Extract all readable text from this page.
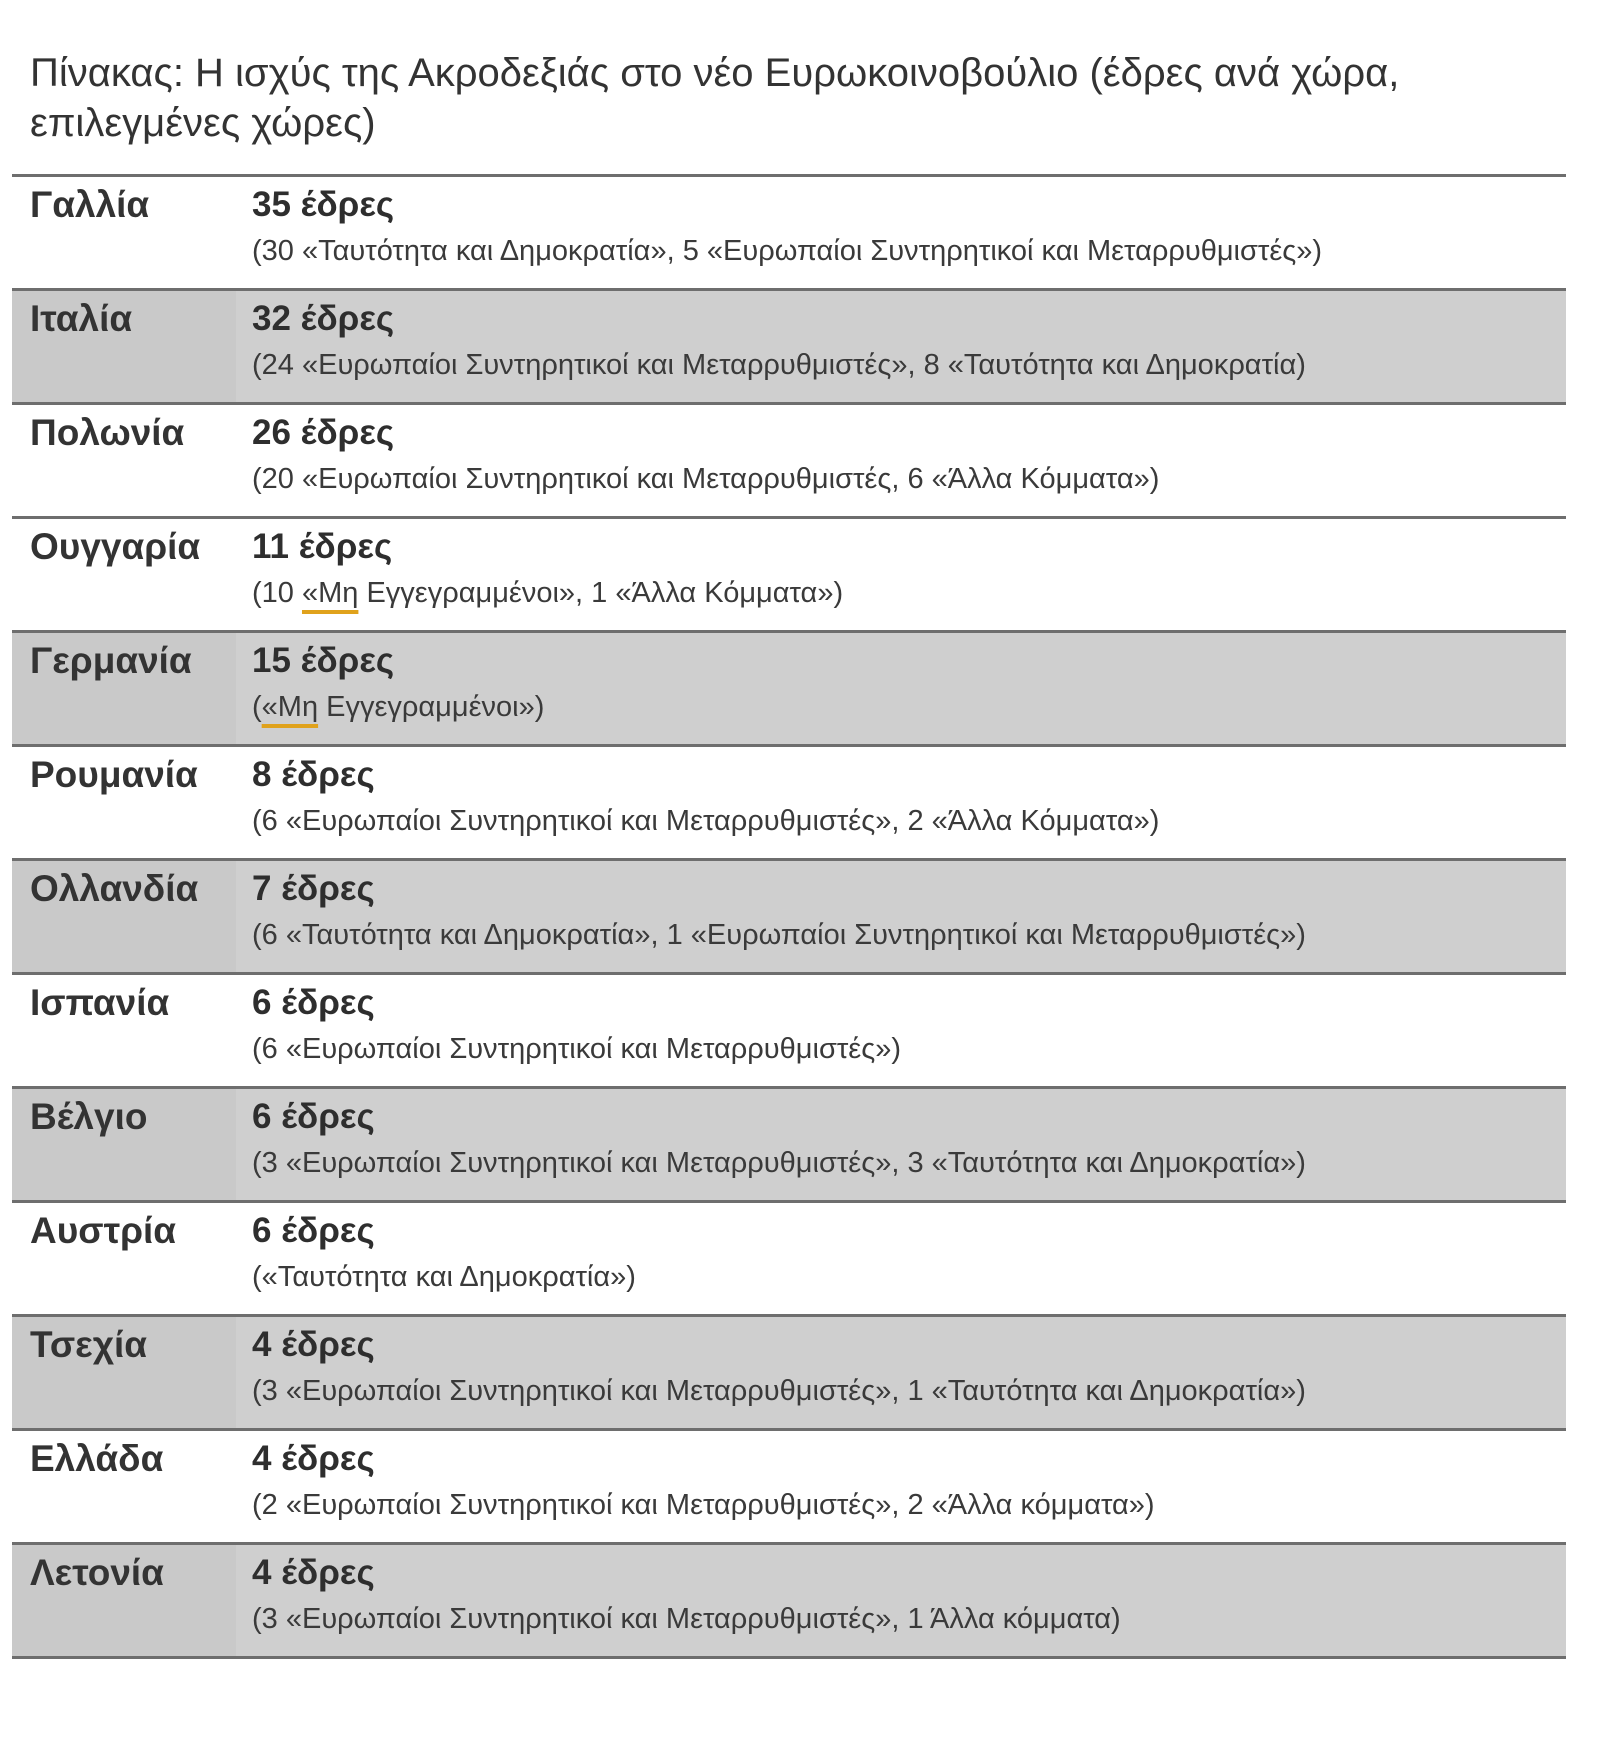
Πίνακας: Η ισχύς της Ακροδεξιάς στο νέο Ευρωκοινοβούλιο (έδρες ανά χώρα, επιλεγμένες χώρες)
Γαλλία	35 έδρες
(30 «Ταυτότητα και Δημοκρατία», 5 «Ευρωπαίοι Συντηρητικοί και Μεταρρυθμιστές»)
Ιταλία	32 έδρες
(24 «Ευρωπαίοι Συντηρητικοί και Μεταρρυθμιστές», 8 «Ταυτότητα και Δημοκρατία)
Πολωνία	26 έδρες
(20 «Ευρωπαίοι Συντηρητικοί και Μεταρρυθμιστές, 6 «Άλλα Κόμματα»)
Ουγγαρία	11 έδρες
(10 «Μη Εγγεγραμμένοι», 1 «Άλλα Κόμματα»)
Γερμανία	15 έδρες
(«Μη Εγγεγραμμένοι»)
Ρουμανία	8 έδρες
(6 «Ευρωπαίοι Συντηρητικοί και Μεταρρυθμιστές», 2 «Άλλα Κόμματα»)
Ολλανδία	7 έδρες
(6 «Ταυτότητα και Δημοκρατία», 1 «Ευρωπαίοι Συντηρητικοί και Μεταρρυθμιστές»)
Ισπανία	6 έδρες
(6 «Ευρωπαίοι Συντηρητικοί και Μεταρρυθμιστές»)
Βέλγιο	6 έδρες
(3 «Ευρωπαίοι Συντηρητικοί και Μεταρρυθμιστές», 3 «Ταυτότητα και Δημοκρατία»)
Αυστρία	6 έδρες
(«Ταυτότητα και Δημοκρατία»)
Τσεχία	4 έδρες
(3 «Ευρωπαίοι Συντηρητικοί και Μεταρρυθμιστές», 1 «Ταυτότητα και Δημοκρατία»)
Ελλάδα	4 έδρες
(2 «Ευρωπαίοι Συντηρητικοί και Μεταρρυθμιστές», 2 «Άλλα κόμματα»)
Λετονία	4 έδρες
(3 «Ευρωπαίοι Συντηρητικοί και Μεταρρυθμιστές», 1 Άλλα κόμματα)
